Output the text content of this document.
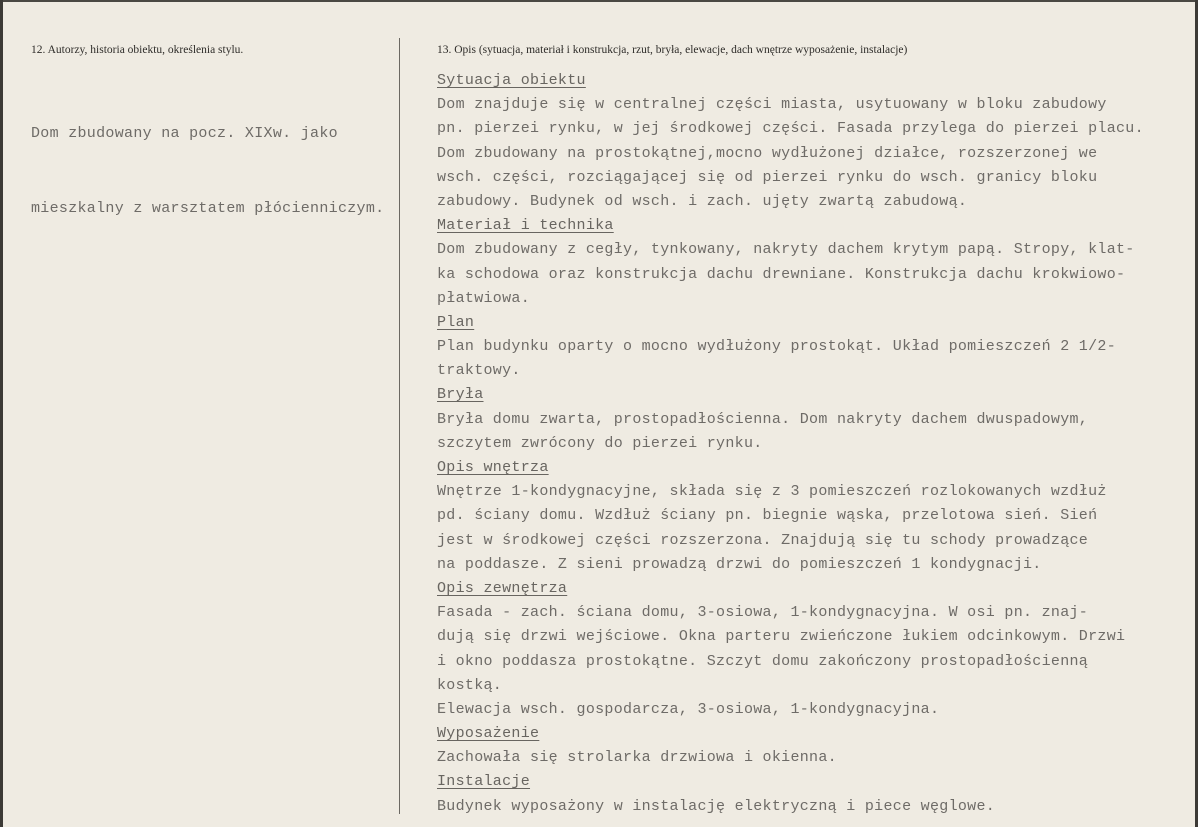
12. Autorzy, historia obiektu, określenia stylu.	13. Opis (sytuacja, materiał i konstrukcja, rzut, bryła, elewacje, dach wnętrze wyposażenie, instalacje)

Dom zbudowany na pocz. XIXw. jako

mieszkalny z warsztatem płócienniczym.

Sytuacja obiektu
Dom znajduje się w centralnej części miasta, usytuowany w bloku zabudowy
pn. pierzei rynku, w jej środkowej części. Fasada przylega do pierzei placu.
Dom zbudowany na prostokątnej,mocno wydłużonej działce, rozszerzonej we
wsch. części, rozciągającej się od pierzei rynku do wsch. granicy bloku
zabudowy. Budynek od wsch. i zach. ujęty zwartą zabudową.
Materiał i technika
Dom zbudowany z cegły, tynkowany, nakryty dachem krytym papą. Stropy, klat-
ka schodowa oraz konstrukcja dachu drewniane. Konstrukcja dachu krokwiowo-
płatwiowa.
Plan
Plan budynku oparty o mocno wydłużony prostokąt. Układ pomieszczeń 2 1/2-
traktowy.
Bryła
Bryła domu zwarta, prostopadłościenna. Dom nakryty dachem dwuspadowym,
szczytem zwrócony do pierzei rynku.
Opis wnętrza
Wnętrze 1-kondygnacyjne, składa się z 3 pomieszczeń rozlokowanych wzdłuż
pd. ściany domu. Wzdłuż ściany pn. biegnie wąska, przelotowa sień. Sień
jest w środkowej części rozszerzona. Znajdują się tu schody prowadzące
na poddasze. Z sieni prowadzą drzwi do pomieszczeń 1 kondygnacji.
Opis zewnętrza
Fasada - zach. ściana domu, 3-osiowa, 1-kondygnacyjna. W osi pn. znaj-
dują się drzwi wejściowe. Okna parteru zwieńczone łukiem odcinkowym. Drzwi
i okno poddasza prostokątne. Szczyt domu zakończony prostopadłościenną
kostką.
Elewacja wsch. gospodarcza, 3-osiowa, 1-kondygnacyjna.
Wyposażenie
Zachowała się strolarka drzwiowa i okienna.
Instalacje
Budynek wyposażony w instalację elektryczną i piece węglowe.
